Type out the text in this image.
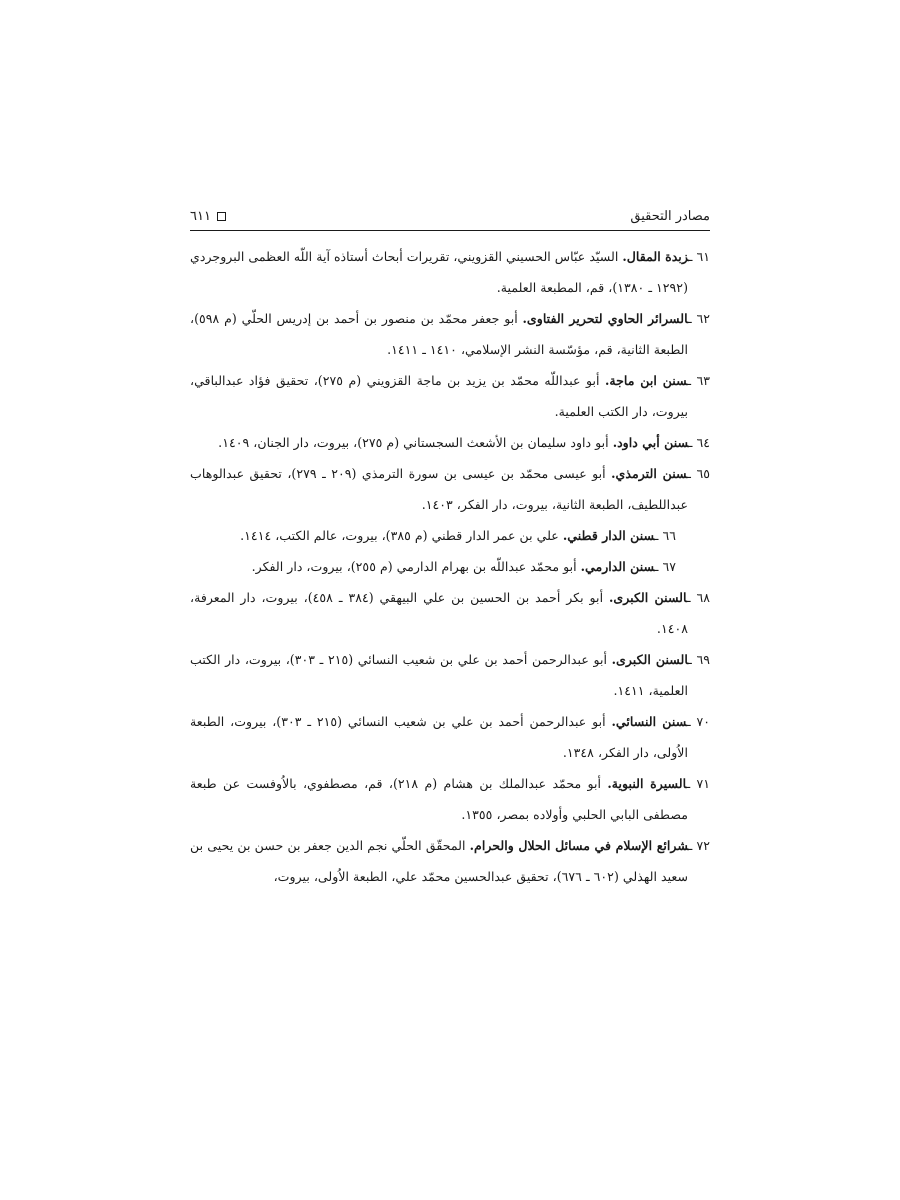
مصادر التحقيق
٦١١
٦١ ـزبدة المقال. السيّد عبّاس الحسيني القزويني، تقريرات أبحاث أستاذه آية اللّه العظمى البروجردي (١٢٩٢ ـ ١٣٨٠)، قم، المطبعة العلمية.
٦٢ ـالسرائر الحاوي لتحرير الفتاوى. أبو جعفر محمّد بن منصور بن أحمد بن إدريس الحلّي (م ٥٩٨)، الطبعة الثانية، قم، مؤسّسة النشر الإسلامي، ١٤١٠ ـ ١٤١١.
٦٣ ـسنن ابن ماجة. أبو عبداللّه محمّد بن يزيد بن ماجة القزويني (م ٢٧٥)، تحقيق فؤاد عبدالباقي، بيروت، دار الكتب العلمية.
٦٤ ـسنن أبي داود. أبو داود سليمان بن الأشعث السجستاني (م ٢٧٥)، بيروت، دار الجنان، ١٤٠٩.
٦٥ ـسنن الترمذي. أبو عيسى محمّد بن عيسى بن سورة الترمذي (٢٠٩ ـ ٢٧٩)، تحقيق عبدالوهاب عبداللطيف، الطبعة الثانية، بيروت، دار الفكر، ١٤٠٣.
٦٦ ـسنن الدار قطني. علي بن عمر الدار قطني (م ٣٨٥)، بيروت، عالم الكتب، ١٤١٤.
٦٧ ـسنن الدارمي. أبو محمّد عبداللّه بن بهرام الدارمي (م ٢٥٥)، بيروت، دار الفكر.
٦٨ ـالسنن الكبرى. أبو بكر أحمد بن الحسين بن علي البيهقي (٣٨٤ ـ ٤٥٨)، بيروت، دار المعرفة، ١٤٠٨.
٦٩ ـالسنن الكبرى. أبو عبدالرحمن أحمد بن علي بن شعيب النسائي (٢١٥ ـ ٣٠٣)، بيروت، دار الكتب العلمية، ١٤١١.
٧٠ ـسنن النسائي. أبو عبدالرحمن أحمد بن علي بن شعيب النسائي (٢١٥ ـ ٣٠٣)، بيروت، الطبعة الاُولى، دار الفكر، ١٣٤٨.
٧١ ـالسيرة النبوية. أبو محمّد عبدالملك بن هشام (م ٢١٨)، قم، مصطفوي، بالاُوفست عن طبعة مصطفى البابي الحلبي وأولاده بمصر، ١٣٥٥.
٧٢ ـشرائع الإسلام في مسائل الحلال والحرام. المحقّق الحلّي نجم الدين جعفر بن حسن بن يحيى بن سعيد الهذلي (٦٠٢ ـ ٦٧٦)، تحقيق عبدالحسين محمّد علي، الطبعة الاُولى، بيروت،
